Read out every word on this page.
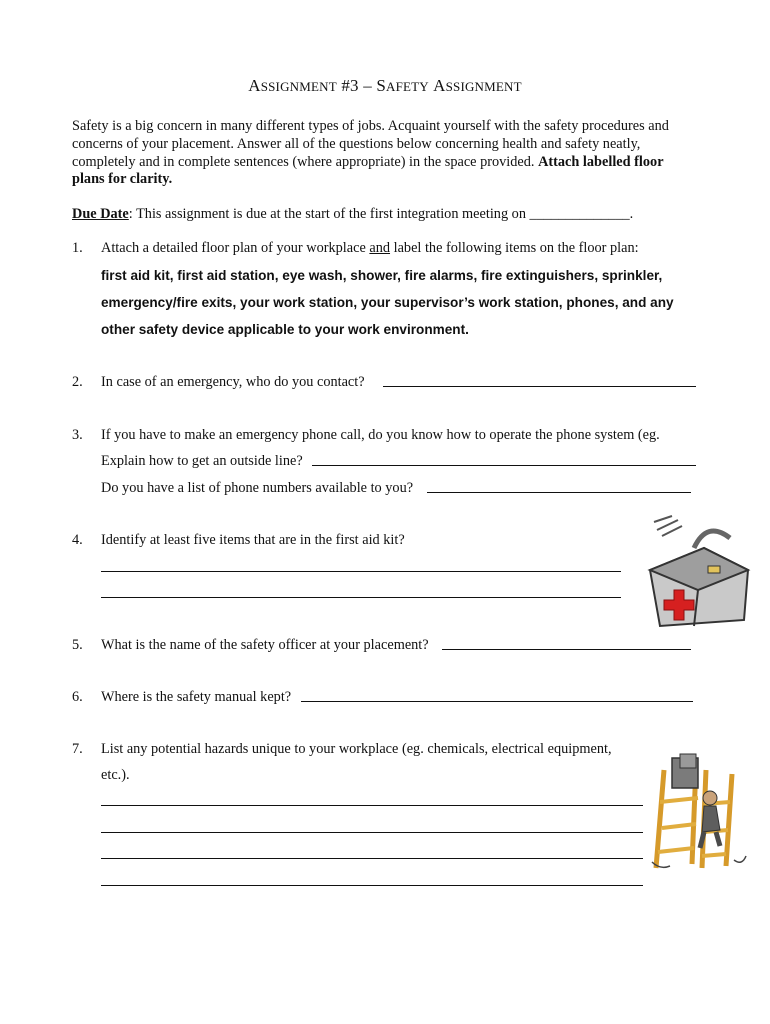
ASSIGNMENT #3 – SAFETY ASSIGNMENT
Safety is a big concern in many different types of jobs. Acquaint yourself with the safety procedures and
concerns of your placement. Answer all of the questions below concerning health and safety neatly,
completely and in complete sentences (where appropriate) in the space provided. Attach labelled floor
plans for clarity.
Due Date: This assignment is due at the start of the first integration meeting on ______________.
1. Attach a detailed floor plan of your workplace and label the following items on the floor plan:
first aid kit, first aid station, eye wash, shower, fire alarms, fire extinguishers, sprinkler,
emergency/fire exits, your work station, your supervisor’s work station, phones, and any
other safety device applicable to your work environment.
2. In case of an emergency, who do you contact?
3. If you have to make an emergency phone call, do you know how to operate the phone system (eg.
Explain how to get an outside line?
Do you have a list of phone numbers available to you?
4. Identify at least five items that are in the first aid kit?
5. What is the name of the safety officer at your placement?
6. Where is the safety manual kept?
7. List any potential hazards unique to your workplace (eg. chemicals, electrical equipment,
etc.).
